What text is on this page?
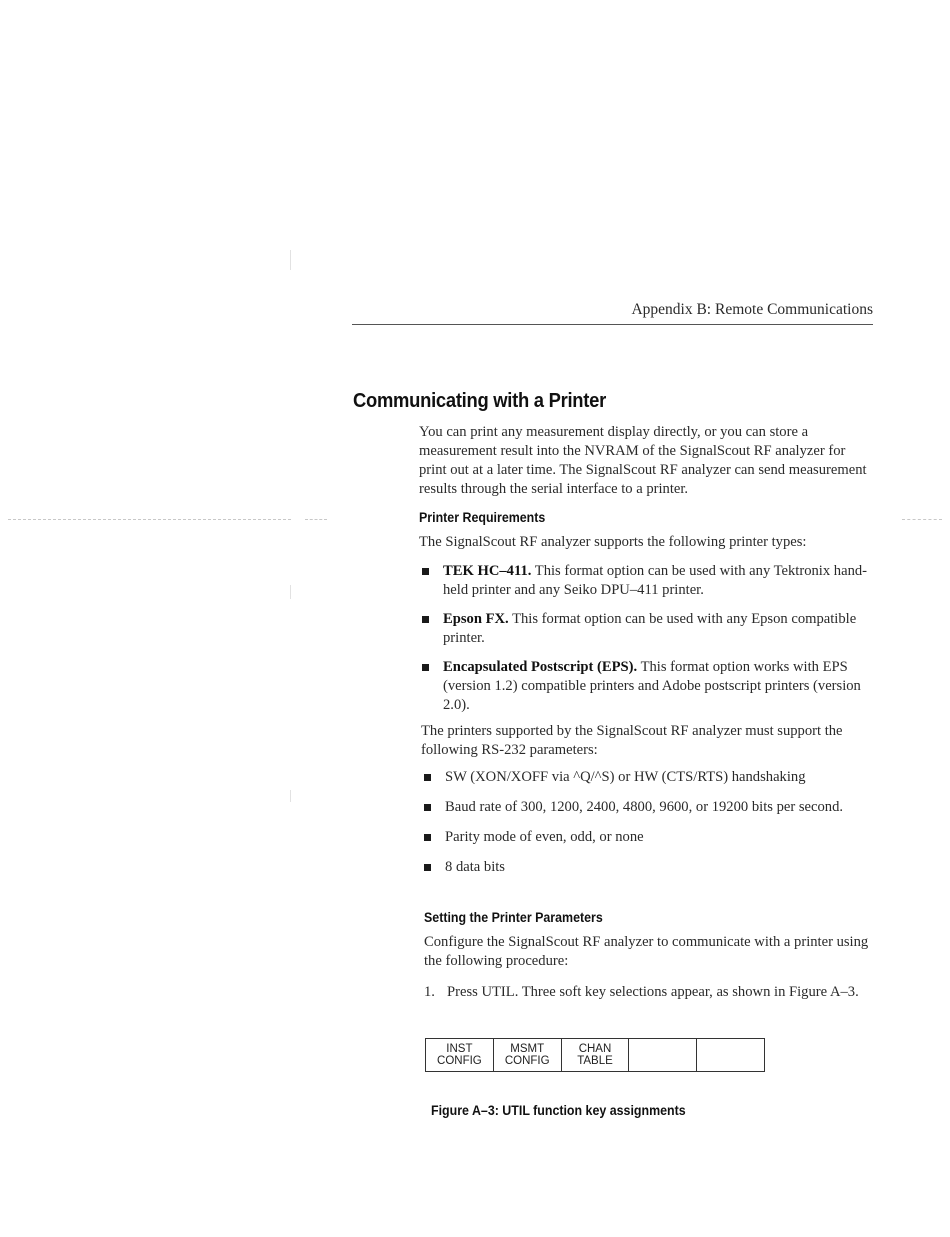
Appendix B: Remote Communications
Communicating with a Printer

You can print any measurement display directly, or you can store a measurement result into the NVRAM of the SignalScout RF analyzer for print out at a later time. The SignalScout RF analyzer can send measurement results through the serial interface to a printer.

Printer Requirements

The SignalScout RF analyzer supports the following printer types:

TEK HC–411. This format option can be used with any Tektronix hand-held printer and any Seiko DPU–411 printer.
Epson FX. This format option can be used with any Epson compatible printer.
Encapsulated Postscript (EPS). This format option works with EPS (version 1.2) compatible printers and Adobe postscript printers (version 2.0).

The printers supported by the SignalScout RF analyzer must support the following RS-232 parameters:

SW (XON/XOFF via ^Q/^S) or HW (CTS/RTS) handshaking
Baud rate of 300, 1200, 2400, 4800, 9600, or 19200 bits per second.
Parity mode of even, odd, or none
8 data bits
Setting the Printer Parameters

Configure the SignalScout RF analyzer to communicate with a printer using the following procedure:

1. Press UTIL. Three soft key selections appear, as shown in Figure A–3.
INST
CONFIG
MSMT
CONFIG
CHAN
TABLE

Figure A–3: UTIL function key assignments
